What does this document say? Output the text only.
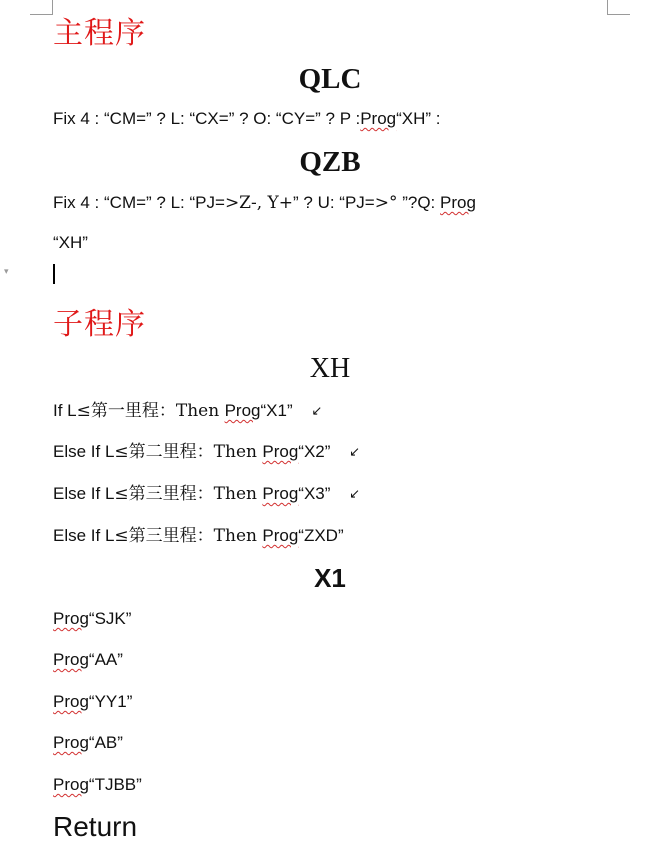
主程序
QLC
Fix 4 : “CM=” ? L: “CX=” ? O: “CY=” ? P :Prog“XH” :
QZB
Fix 4 : “CM=” ? L: “PJ=>Z-, Y+” ? U: “PJ=>° ”?Q: Prog
“XH”
▾
子程序
XH
If L≤第一里程：Then Prog“X1” ↙
Else If L≤第二里程：Then Prog“X2” ↙
Else If L≤第三里程：Then Prog“X3” ↙
Else If L≤第三里程：Then Prog“ZXD”
X1
Prog“SJK”
Prog“AA”
Prog“YY1”
Prog“AB”
Prog“TJBB”
Return
